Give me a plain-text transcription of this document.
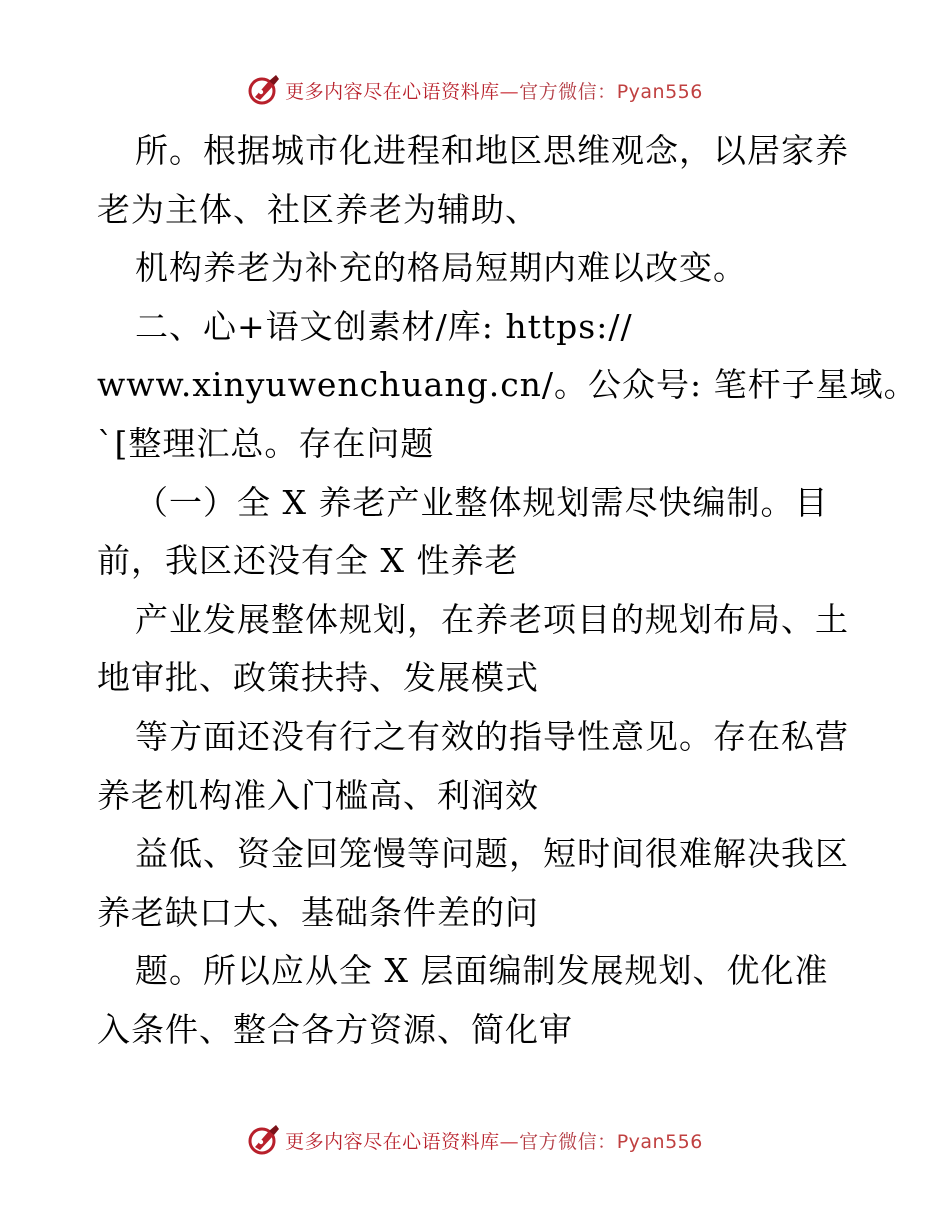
更多内容尽在心语资料库—官方微信：Pyan556
所。根据城市化进程和地区思维观念，以居家养
老为主体、社区养老为辅助、
机构养老为补充的格局短期内难以改变。
二、心+语文创素材/库: https://
www.xinyuwenchuang.cn/。公众号: 笔杆子星域。
`[整理汇总。存在问题
（一）全 X 养老产业整体规划需尽快编制。目
前，我区还没有全 X 性养老
产业发展整体规划，在养老项目的规划布局、土
地审批、政策扶持、发展模式
等方面还没有行之有效的指导性意见。存在私营
养老机构准入门槛高、利润效
益低、资金回笼慢等问题，短时间很难解决我区
养老缺口大、基础条件差的问
题。所以应从全 X 层面编制发展规划、优化准
入条件、整合各方资源、简化审
更多内容尽在心语资料库—官方微信：Pyan556
